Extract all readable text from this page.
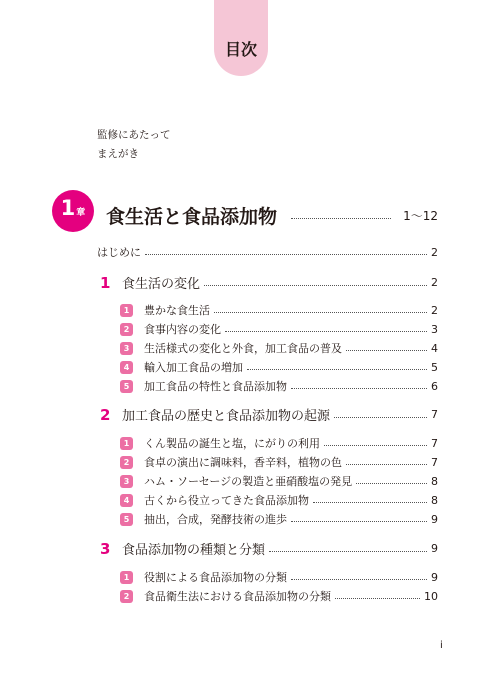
目次
監修にあたって
まえがき
1 章 食生活と食品添加物	1～12
はじめに	2
1 食生活の変化	2
1	豊かな食生活	2
2	食事内容の変化	3
3	生活様式の変化と外食，加工食品の普及	4
4	輸入加工食品の増加	5
5	加工食品の特性と食品添加物	6
2 加工食品の歴史と食品添加物の起源	7
1	くん製品の誕生と塩，にがりの利用	7
2	食卓の演出に調味料，香辛料，植物の色	7
3	ハム・ソーセージの製造と亜硝酸塩の発見	8
4	古くから役立ってきた食品添加物	8
5	抽出，合成，発酵技術の進歩	9
3 食品添加物の種類と分類	9
1	役割による食品添加物の分類	9
2	食品衛生法における食品添加物の分類	10
i
